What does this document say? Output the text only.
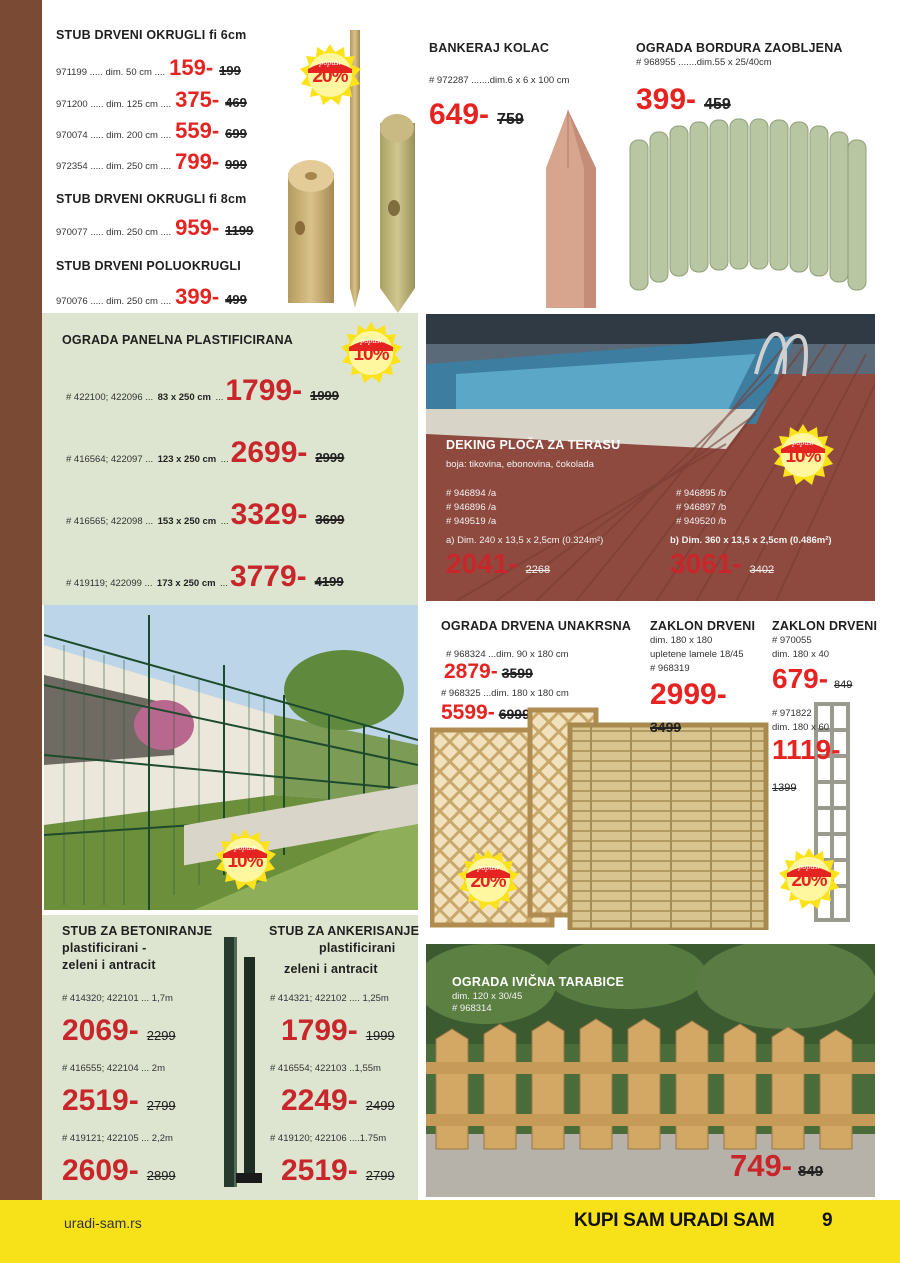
uradi-sam.rs	KUPI SAM URADI SAM	9
STUB DRVENI OKRUGLI fi 6cm
971199 ..... dim. 50 cm .... 159- 199
971200 ..... dim. 125 cm .... 375- 469
970074 ..... dim. 200 cm .... 559- 699
972354 ..... dim. 250 cm .... 799- 999
STUB DRVENI OKRUGLI fi 8cm
970077 ..... dim. 250 cm .... 959- 1199
STUB DRVENI POLUOKRUGLI
970076 ..... dim. 250 cm .... 399- 499
popust
20%
BANKERAJ KOLAC
# 972287 .......dim.6 x 6 x 100 cm
649- 759
OGRADA BORDURA ZAOBLJENA
# 968955 .......dim.55 x 25/40cm
399- 459
OGRADA PANELNA PLASTIFICIRANA	popust
10%
# 422100; 422096 ...
83 x 250 cm
... 1799- 1999
# 416564; 422097 ...
123 x 250 cm
... 2699- 2999
# 416565; 422098 ...
153 x 250 cm
... 3329- 3699
# 419119; 422099 ...
173 x 250 cm
... 3779- 4199
DEKING PLOČA ZA TERASU
boja: tikovina, ebonovina, čokolada
# 946894 /a
# 946896 /a
# 949519 /a
a) Dim. 240 x 13,5 x 2,5cm (0.324m²)
2041- 2268
# 946895 /b
# 946897 /b
# 949520 /b
b) Dim. 360 x 13,5 x 2,5cm (0.486m²)
3061- 3402
popust
10%
popust
10%
OGRADA DRVENA UNAKRSNA
# 968324 ...dim. 90 x 180 cm
2879- 3599
# 968325 ...dim. 180 x 180 cm
5599- 6999
popust
20%
ZAKLON DRVENI
dim. 180 x 180
upletene lamele 18/45
# 968319
2999-
3499
ZAKLON DRVENI
# 970055
dim. 180 x 40
679- 849
# 971822
dim. 180 x 60
1119-
1399
popust
20%
STUB ZA BETONIRANJE
plastificirani -
zeleni i antracit
# 414320; 422101 ... 1,7m
2069- 2299
# 416555; 422104 ... 2m
2519- 2799
# 419121; 422105 ... 2,2m
2609- 2899
STUB ZA ANKERISANJE
plastificirani
zeleni i antracit
# 414321; 422102 .... 1,25m
1799- 1999
# 416554; 422103 ..1,55m
2249- 2499
# 419120; 422106 ....1.75m
2519- 2799
OGRADA IVIČNA TARABICE
dim. 120 x 30/45
# 968314
749- 849
